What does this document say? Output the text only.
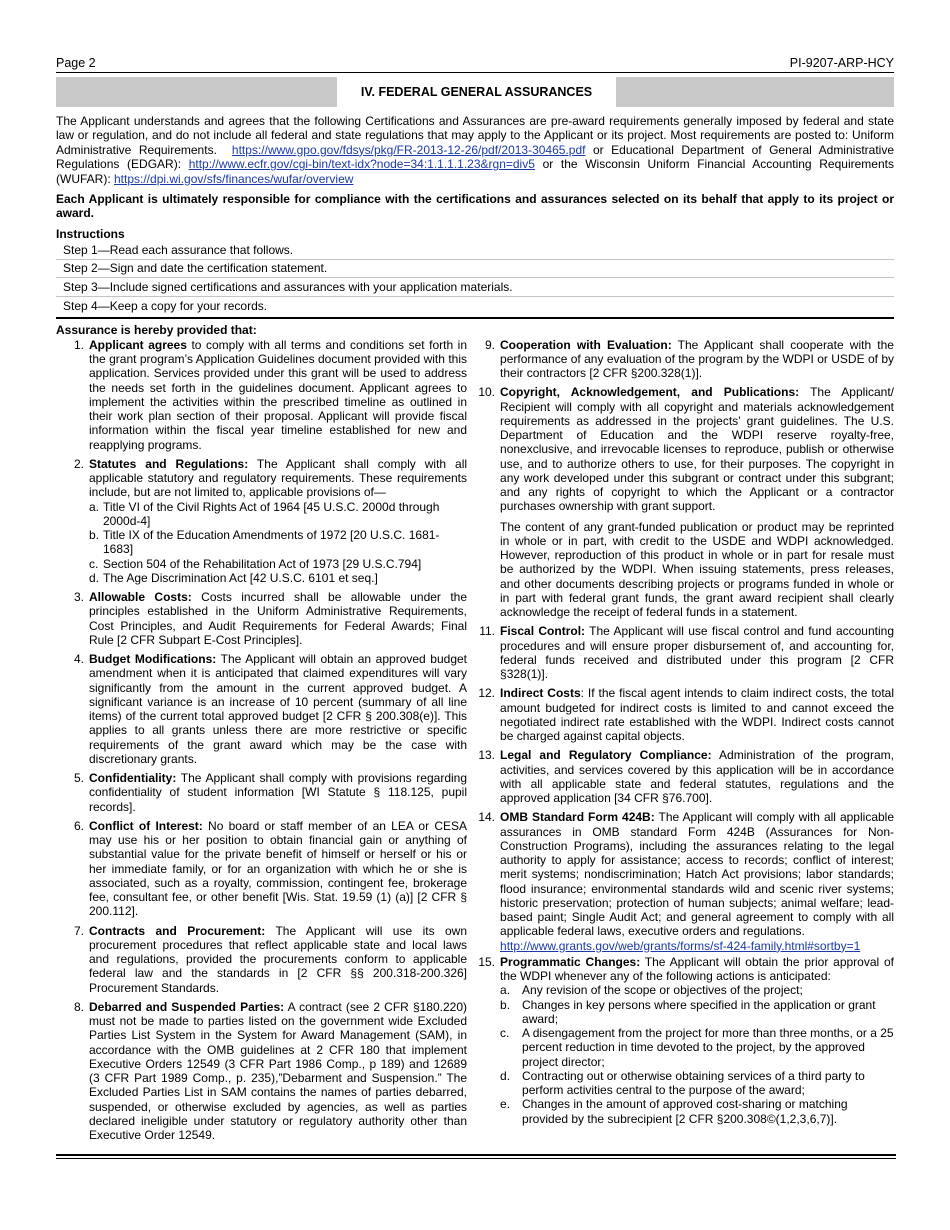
Page 2	PI-9207-ARP-HCY
IV. FEDERAL GENERAL ASSURANCES
The Applicant understands and agrees that the following Certifications and Assurances are pre-award requirements generally imposed by federal and state law or regulation, and do not include all federal and state regulations that may apply to the Applicant or its project. Most requirements are posted to: Uniform Administrative Requirements. https://www.gpo.gov/fdsys/pkg/FR-2013-12-26/pdf/2013-30465.pdf or Educational Department of General Administrative Regulations (EDGAR): http://www.ecfr.gov/cgi-bin/text-idx?node=34:1.1.1.1.23&rgn=div5 or the Wisconsin Uniform Financial Accounting Requirements (WUFAR): https://dpi.wi.gov/sfs/finances/wufar/overview
Each Applicant is ultimately responsible for compliance with the certifications and assurances selected on its behalf that apply to its project or award.
Instructions
Step 1—Read each assurance that follows.
Step 2—Sign and date the certification statement.
Step 3—Include signed certifications and assurances with your application materials.
Step 4—Keep a copy for your records.
Assurance is hereby provided that:
1. Applicant agrees to comply with all terms and conditions set forth in the grant program’s Application Guidelines document provided with this application. Services provided under this grant will be used to address the needs set forth in the guidelines document. Applicant agrees to implement the activities within the prescribed timeline as outlined in their work plan section of their proposal. Applicant will provide fiscal information within the fiscal year timeline established for new and reapplying programs.
2. Statutes and Regulations: The Applicant shall comply with all applicable statutory and regulatory requirements. These requirements include, but are not limited to, applicable provisions of—
a. Title VI of the Civil Rights Act of 1964 [45 U.S.C. 2000d through 2000d-4]
b. Title IX of the Education Amendments of 1972 [20 U.S.C. 1681-1683]
c. Section 504 of the Rehabilitation Act of 1973 [29 U.S.C.794]
d. The Age Discrimination Act [42 U.S.C. 6101 et seq.]
3. Allowable Costs: Costs incurred shall be allowable under the principles established in the Uniform Administrative Requirements, Cost Principles, and Audit Requirements for Federal Awards; Final Rule [2 CFR Subpart E-Cost Principles].
4. Budget Modifications: The Applicant will obtain an approved budget amendment when it is anticipated that claimed expenditures will vary significantly from the amount in the current approved budget. A significant variance is an increase of 10 percent (summary of all line items) of the current total approved budget [2 CFR § 200.308(e)]. This applies to all grants unless there are more restrictive or specific requirements of the grant award which may be the case with discretionary grants.
5. Confidentiality: The Applicant shall comply with provisions regarding confidentiality of student information [WI Statute § 118.125, pupil records].
6. Conflict of Interest: No board or staff member of an LEA or CESA may use his or her position to obtain financial gain or anything of substantial value for the private benefit of himself or herself or his or her immediate family, or for an organization with which he or she is associated, such as a royalty, commission, contingent fee, brokerage fee, consultant fee, or other benefit [Wis. Stat. 19.59 (1) (a)] [2 CFR § 200.112].
7. Contracts and Procurement: The Applicant will use its own procurement procedures that reflect applicable state and local laws and regulations, provided the procurements conform to applicable federal law and the standards in [2 CFR §§ 200.318-200.326] Procurement Standards.
8. Debarred and Suspended Parties: A contract (see 2 CFR §180.220) must not be made to parties listed on the government wide Excluded Parties List System in the System for Award Management (SAM), in accordance with the OMB guidelines at 2 CFR 180 that implement Executive Orders 12549 (3 CFR Part 1986 Comp., p 189) and 12689 (3 CFR Part 1989 Comp., p. 235),”Debarment and Suspension.” The Excluded Parties List in SAM contains the names of parties debarred, suspended, or otherwise excluded by agencies, as well as parties declared ineligible under statutory or regulatory authority other than Executive Order 12549.
9. Cooperation with Evaluation: The Applicant shall cooperate with the performance of any evaluation of the program by the WDPI or USDE of by their contractors [2 CFR §200.328(1)].
10. Copyright, Acknowledgement, and Publications: The Applicant/ Recipient will comply with all copyright and materials acknowledgement requirements as addressed in the projects’ grant guidelines. The U.S. Department of Education and the WDPI reserve royalty-free, nonexclusive, and irrevocable licenses to reproduce, publish or otherwise use, and to authorize others to use, for their purposes. The copyright in any work developed under this subgrant or contract under this subgrant; and any rights of copyright to which the Applicant or a contractor purchases ownership with grant support.
The content of any grant-funded publication or product may be reprinted in whole or in part, with credit to the USDE and WDPI acknowledged. However, reproduction of this product in whole or in part for resale must be authorized by the WDPI. When issuing statements, press releases, and other documents describing projects or programs funded in whole or in part with federal grant funds, the grant award recipient shall clearly acknowledge the receipt of federal funds in a statement.
11. Fiscal Control: The Applicant will use fiscal control and fund accounting procedures and will ensure proper disbursement of, and accounting for, federal funds received and distributed under this program [2 CFR §328(1)].
12. Indirect Costs: If the fiscal agent intends to claim indirect costs, the total amount budgeted for indirect costs is limited to and cannot exceed the negotiated indirect rate established with the WDPI. Indirect costs cannot be charged against capital objects.
13. Legal and Regulatory Compliance: Administration of the program, activities, and services covered by this application will be in accordance with all applicable state and federal statutes, regulations and the approved application [34 CFR §76.700].
14. OMB Standard Form 424B: The Applicant will comply with all applicable assurances in OMB standard Form 424B (Assurances for Non-Construction Programs), including the assurances relating to the legal authority to apply for assistance; access to records; conflict of interest; merit systems; nondiscrimination; Hatch Act provisions; labor standards; flood insurance; environmental standards wild and scenic river systems; historic preservation; protection of human subjects; animal welfare; lead-based paint; Single Audit Act; and general agreement to comply with all applicable federal laws, executive orders and regulations.
http://www.grants.gov/web/grants/forms/sf-424-family.html#sortby=1
15. Programmatic Changes: The Applicant will obtain the prior approval of the WDPI whenever any of the following actions is anticipated:
a. Any revision of the scope or objectives of the project;
b. Changes in key persons where specified in the application or grant award;
c.	A disengagement from the project for more than three months, or a 25 percent reduction in time devoted to the project, by the approved project director;
d. Contracting out or otherwise obtaining services of a third party to perform activities central to the purpose of the award;
e. Changes in the amount of approved cost-sharing or matching provided by the subrecipient [2 CFR §200.308©(1,2,3,6,7)].
